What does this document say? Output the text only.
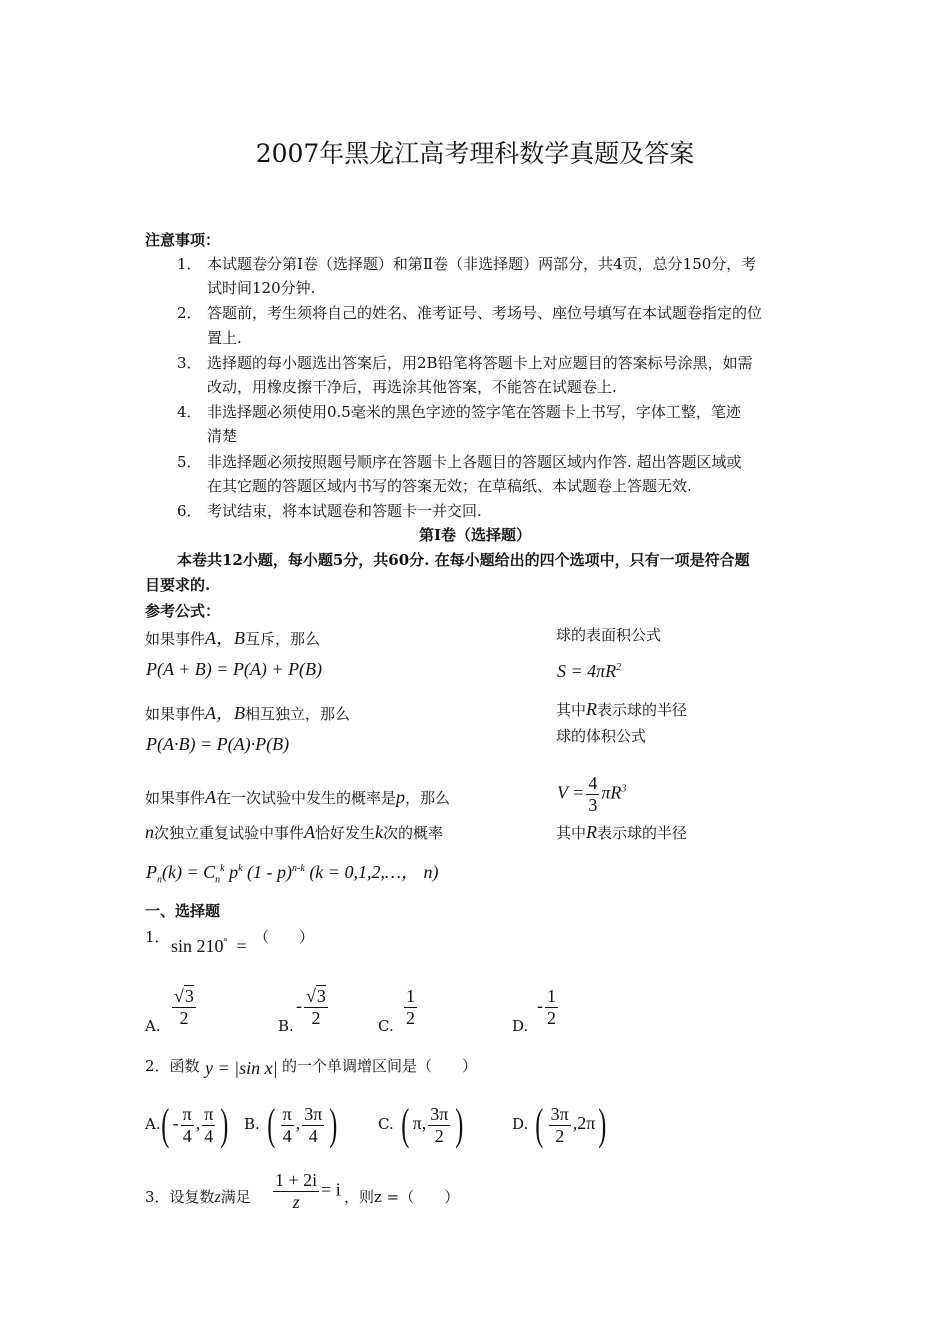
2007年黑龙江高考理科数学真题及答案
注意事项：
1． 本试题卷分第Ⅰ卷（选择题）和第Ⅱ卷（非选择题）两部分，共4页，总分150分，考
试时间120分钟.
2． 答题前，考生须将自己的姓名、准考证号、考场号、座位号填写在本试题卷指定的位
置上.
3． 选择题的每小题选出答案后，用2B铅笔将答题卡上对应题目的答案标号涂黑，如需
改动，用橡皮擦干净后，再选涂其他答案，不能答在试题卷上.
4． 非选择题必须使用0.5毫米的黑色字迹的签字笔在答题卡上书写，字体工整，笔迹
清楚
5． 非选择题必须按照题号顺序在答题卡上各题目的答题区域内作答. 超出答题区域或
在其它题的答题区域内书写的答案无效；在草稿纸、本试题卷上答题无效.
6． 考试结束，将本试题卷和答题卡一并交回.
第Ⅰ卷（选择题）
本卷共12小题，每小题5分，共60分. 在每小题给出的四个选项中，只有一项是符合题
目要求的.
参考公式：
如果事件A，B互斥，那么
P(A + B) = P(A) + P(B)
如果事件A，B相互独立，那么
P(A·B) = P(A)·P(B)
如果事件A在一次试验中发生的概率是p，那么
n次独立重复试验中事件A恰好发生k次的概率
$P_n(k) = C_n^k$ $p^k$ (1 - p)$^{n-k}$ (k = 0,1,2,…， n)
球的表面积公式
$S = 4\pi R^2$
其中R表示球的半径
球的体积公式
$V = \frac{4}{3} \pi R^3$
其中R表示球的半径
一、选择题
1． sin 210° = （　　）
A. $\frac{√3}{2}$	B.
- $\frac{√3}{2}$	C. $\frac{1}{2}$	D.
- $\frac{1}{2}$
2．函数 y = |sin x| 的一个单调增区间是（　　）
A. ( - $\frac{\pi}{4}$ , $\frac{\pi}{4}$ ) B. ( $\frac{\pi}{4}$ , $\frac{3\pi}{4}$ )	C. ( π, $\frac{3\pi}{2}$ )	D. ( $\frac{3\pi}{2} ,2\pi$)
3．设复数z满足 $\frac{1 + 2i}{z} = i$ ，则z =（　　）
